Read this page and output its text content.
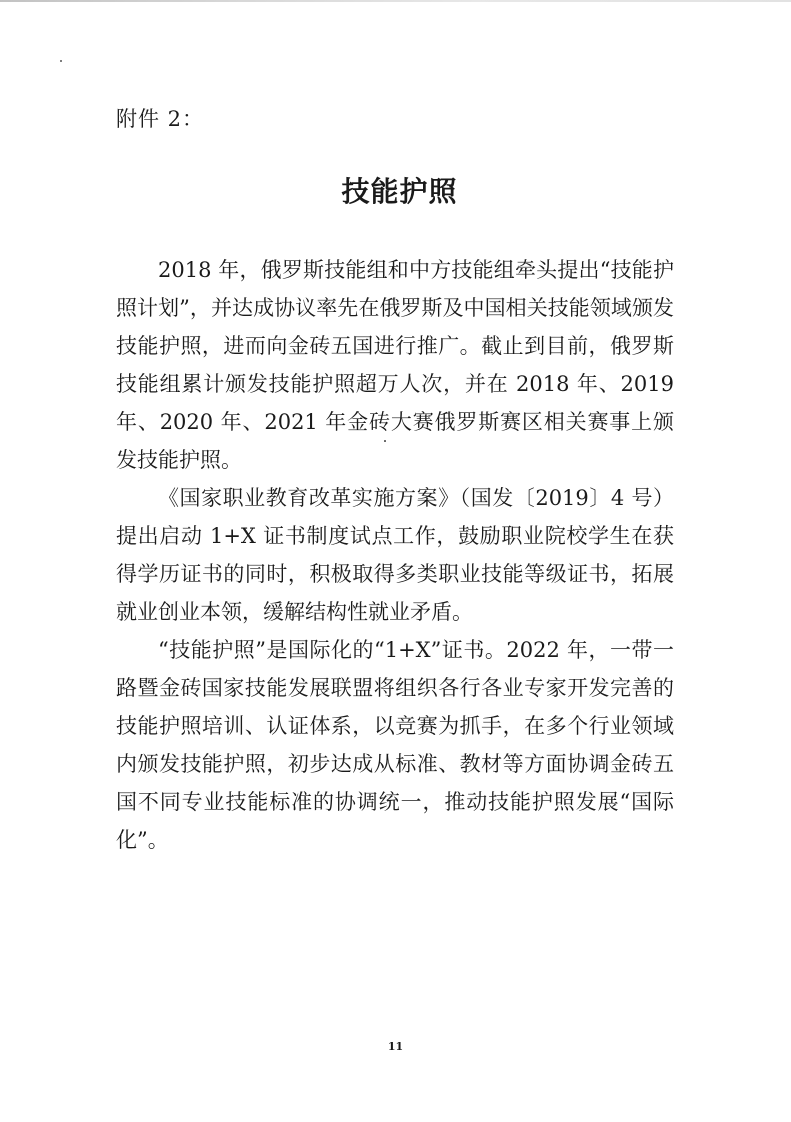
附件 2：
技能护照

2018 年，俄罗斯技能组和中方技能组牵头提出“技能护照计划”，并达成协议率先在俄罗斯及中国相关技能领域颁发技能护照，进而向金砖五国进行推广。截止到目前，俄罗斯技能组累计颁发技能护照超万人次，并在 2018 年、2019 年、2020 年、2021 年金砖大赛俄罗斯赛区相关赛事上颁发技能护照。

《国家职业教育改革实施方案》（国发〔2019〕4 号）提出启动 1+X 证书制度试点工作，鼓励职业院校学生在获得学历证书的同时，积极取得多类职业技能等级证书，拓展就业创业本领，缓解结构性就业矛盾。

“技能护照”是国际化的“1+X”证书。2022 年，一带一路暨金砖国家技能发展联盟将组织各行各业专家开发完善的技能护照培训、认证体系，以竞赛为抓手，在多个行业领域内颁发技能护照，初步达成从标准、教材等方面协调金砖五国不同专业技能标准的协调统一，推动技能护照发展“国际化”。

11
